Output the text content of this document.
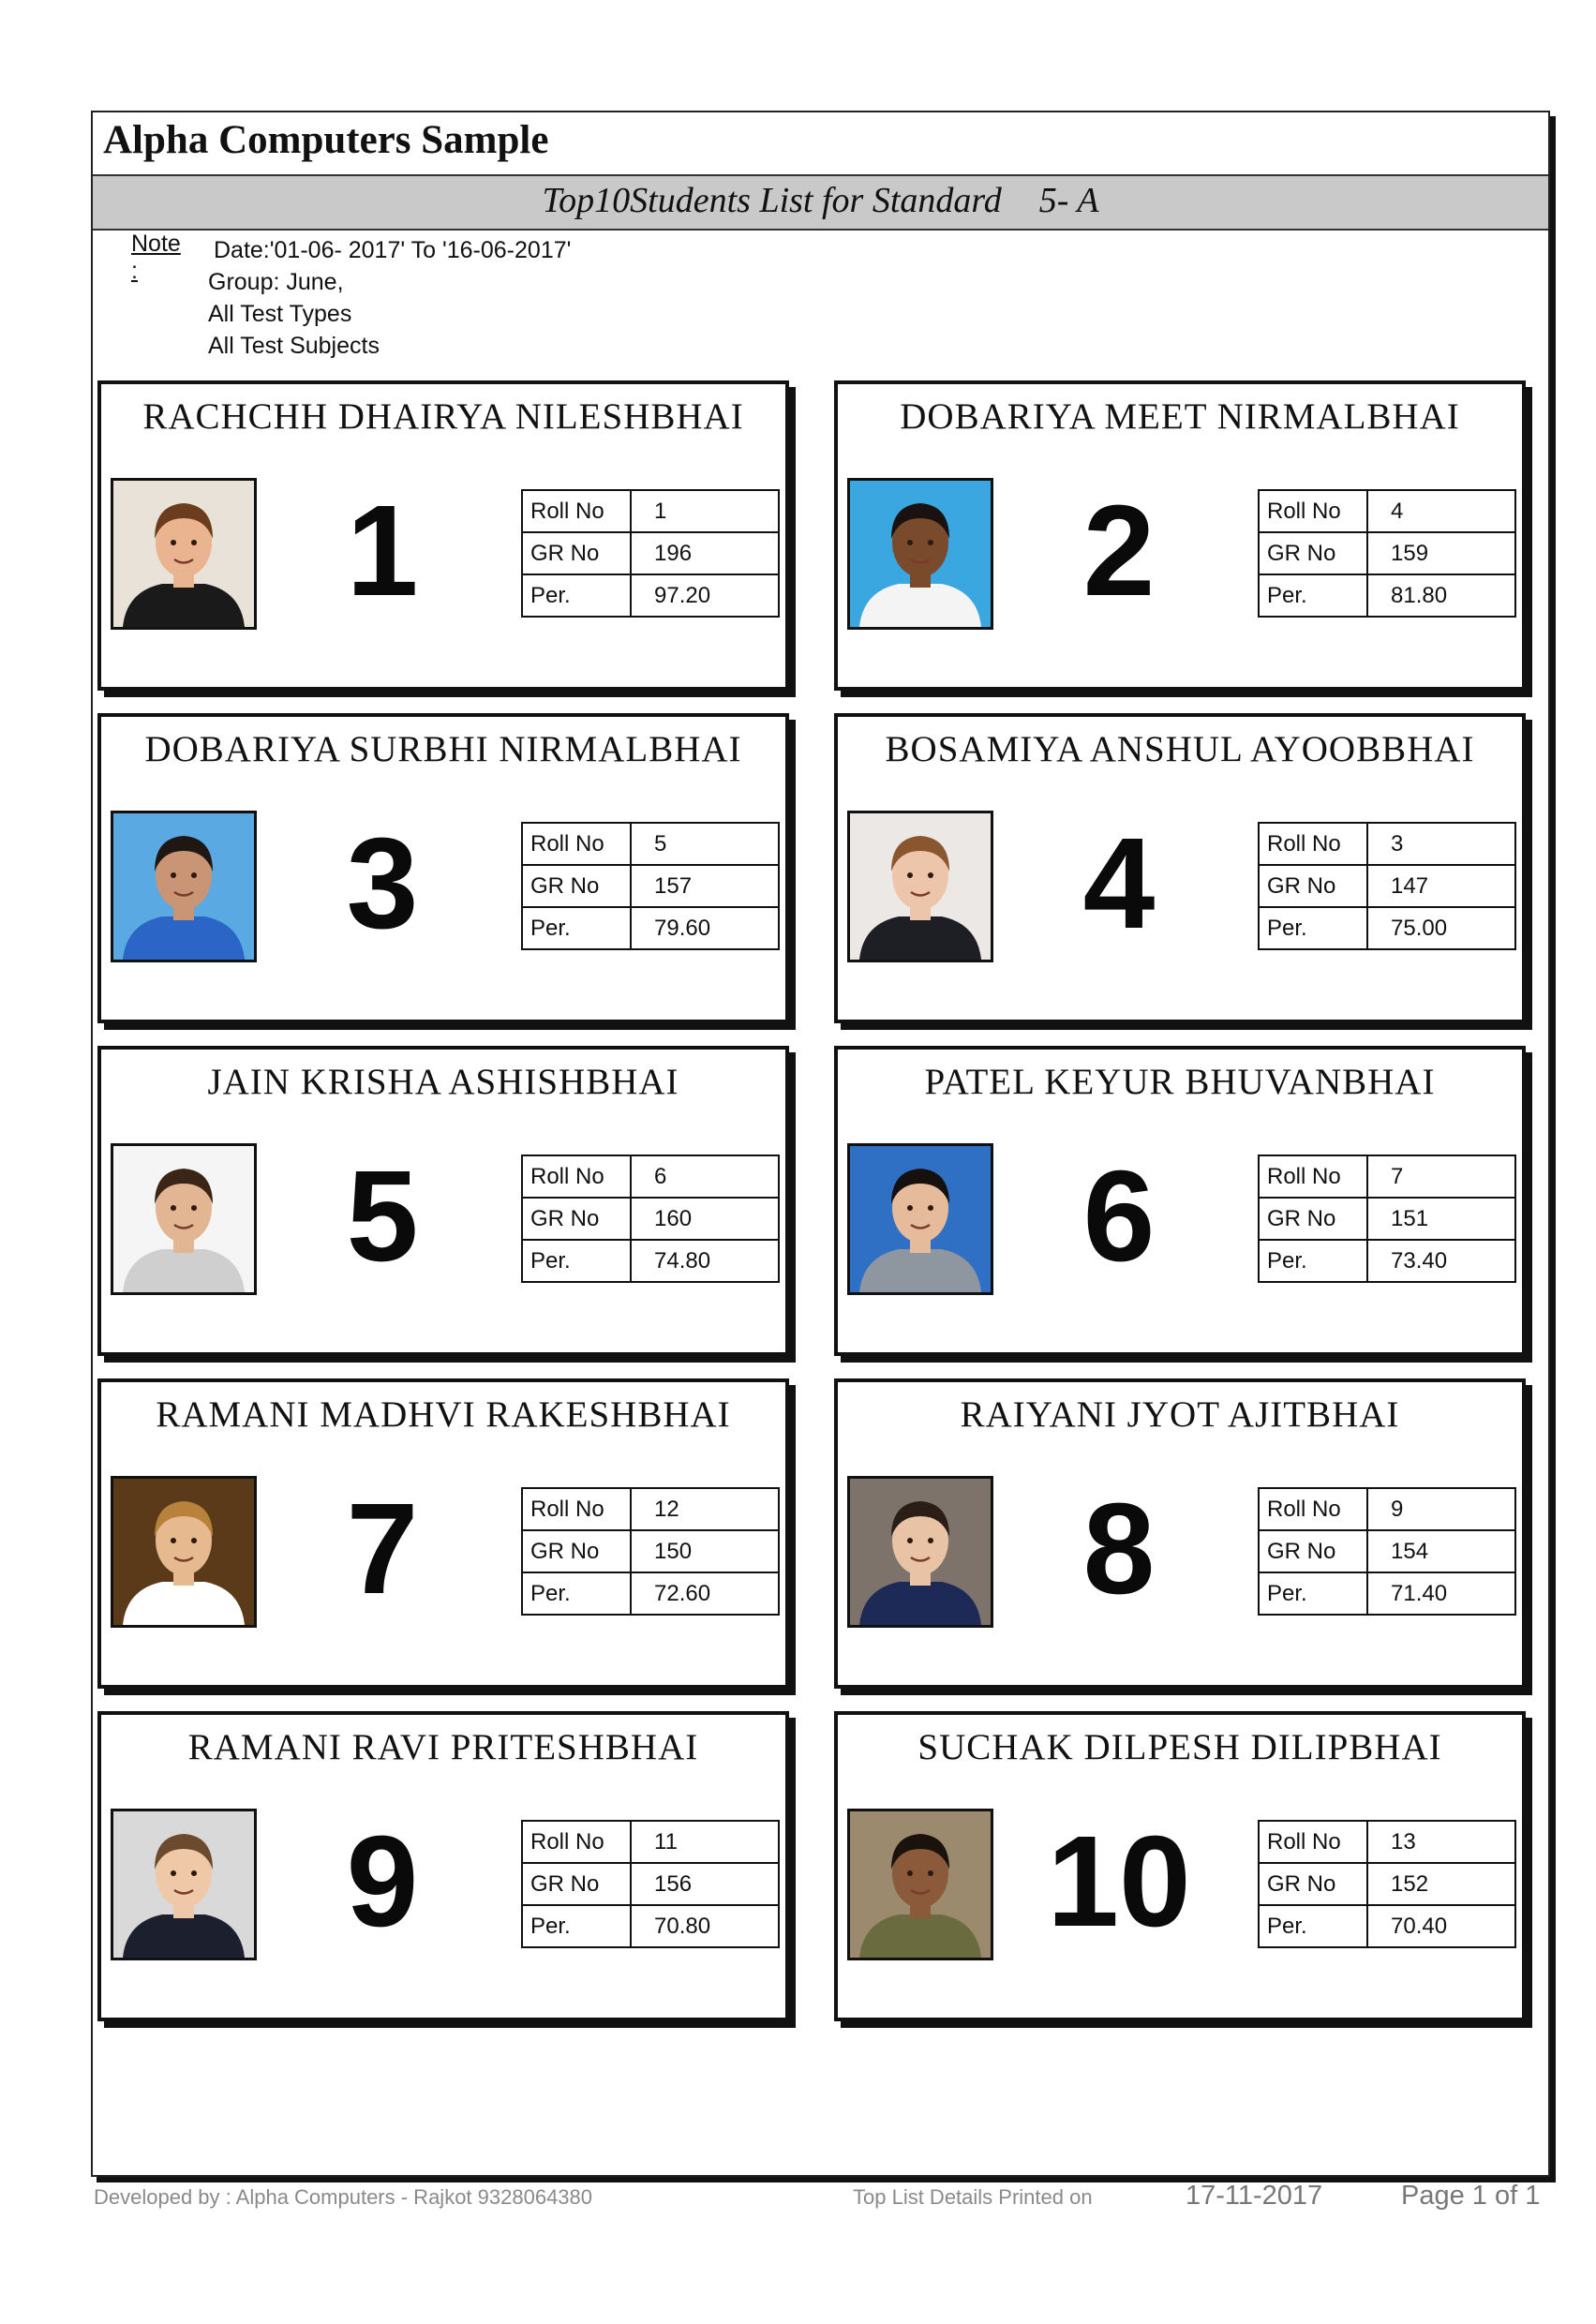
Alpha Computers Sample
Top10Students List for Standard 5- A
Note :
Date:'01-06- 2017' To '16-06-2017'
Group: June,
All Test Types
All Test Subjects
RACHCHH DHAIRYA NILESHBHAI
1	Roll No	1
GR No	196
Per.	97.20
DOBARIYA MEET NIRMALBHAI
2	Roll No	4
GR No	159
Per.	81.80
DOBARIYA SURBHI NIRMALBHAI
3	Roll No	5
GR No	157
Per.	79.60
BOSAMIYA ANSHUL AYOOBBHAI
4	Roll No	3
GR No	147
Per.	75.00
JAIN KRISHA ASHISHBHAI
5	Roll No	6
GR No	160
Per.	74.80
PATEL KEYUR BHUVANBHAI
6	Roll No	7
GR No	151
Per.	73.40
RAMANI MADHVI RAKESHBHAI
7	Roll No	12
GR No	150
Per.	72.60
RAIYANI JYOT AJITBHAI
8	Roll No	9
GR No	154
Per.	71.40
RAMANI RAVI PRITESHBHAI
9	Roll No	11
GR No	156
Per.	70.80
SUCHAK DILPESH DILIPBHAI
10	Roll No	13
GR No	152
Per.	70.40
Developed by : Alpha Computers - Rajkot 9328064380	Top List Details Printed on	17-11-2017	Page 1 of 1
